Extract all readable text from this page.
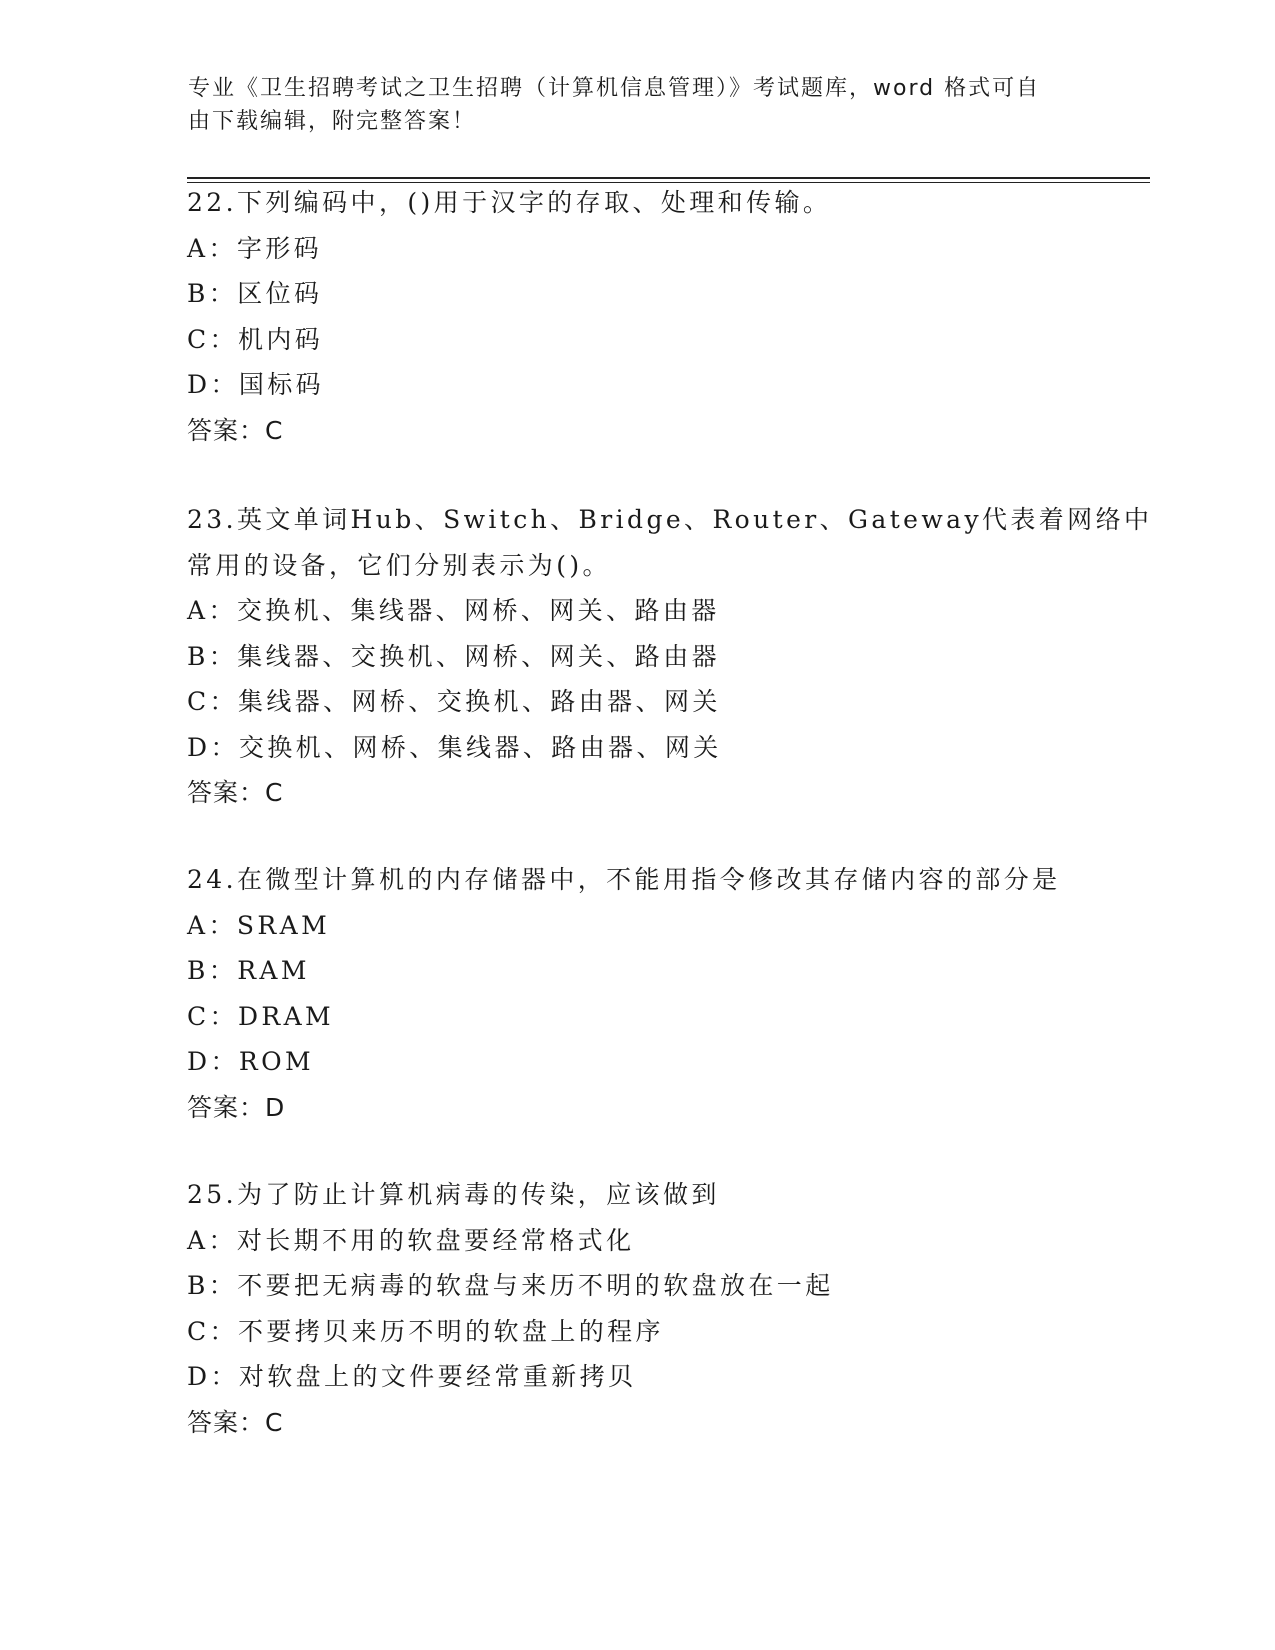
专业《卫生招聘考试之卫生招聘（计算机信息管理）》考试题库，word 格式可自
由下载编辑，附完整答案！
22.下列编码中，()用于汉字的存取、处理和传输。
A：字形码
B：区位码
C：机内码
D：国标码
答案：C
23.英文单词Hub、Switch、Bridge、Router、Gateway代表着网络中
常用的设备，它们分别表示为()。
A：交换机、集线器、网桥、网关、路由器
B：集线器、交换机、网桥、网关、路由器
C：集线器、网桥、交换机、路由器、网关
D：交换机、网桥、集线器、路由器、网关
答案：C
24.在微型计算机的内存储器中，不能用指令修改其存储内容的部分是
A：SRAM
B：RAM
C：DRAM
D：ROM
答案：D
25.为了防止计算机病毒的传染，应该做到
A：对长期不用的软盘要经常格式化
B：不要把无病毒的软盘与来历不明的软盘放在一起
C：不要拷贝来历不明的软盘上的程序
D：对软盘上的文件要经常重新拷贝
答案：C
